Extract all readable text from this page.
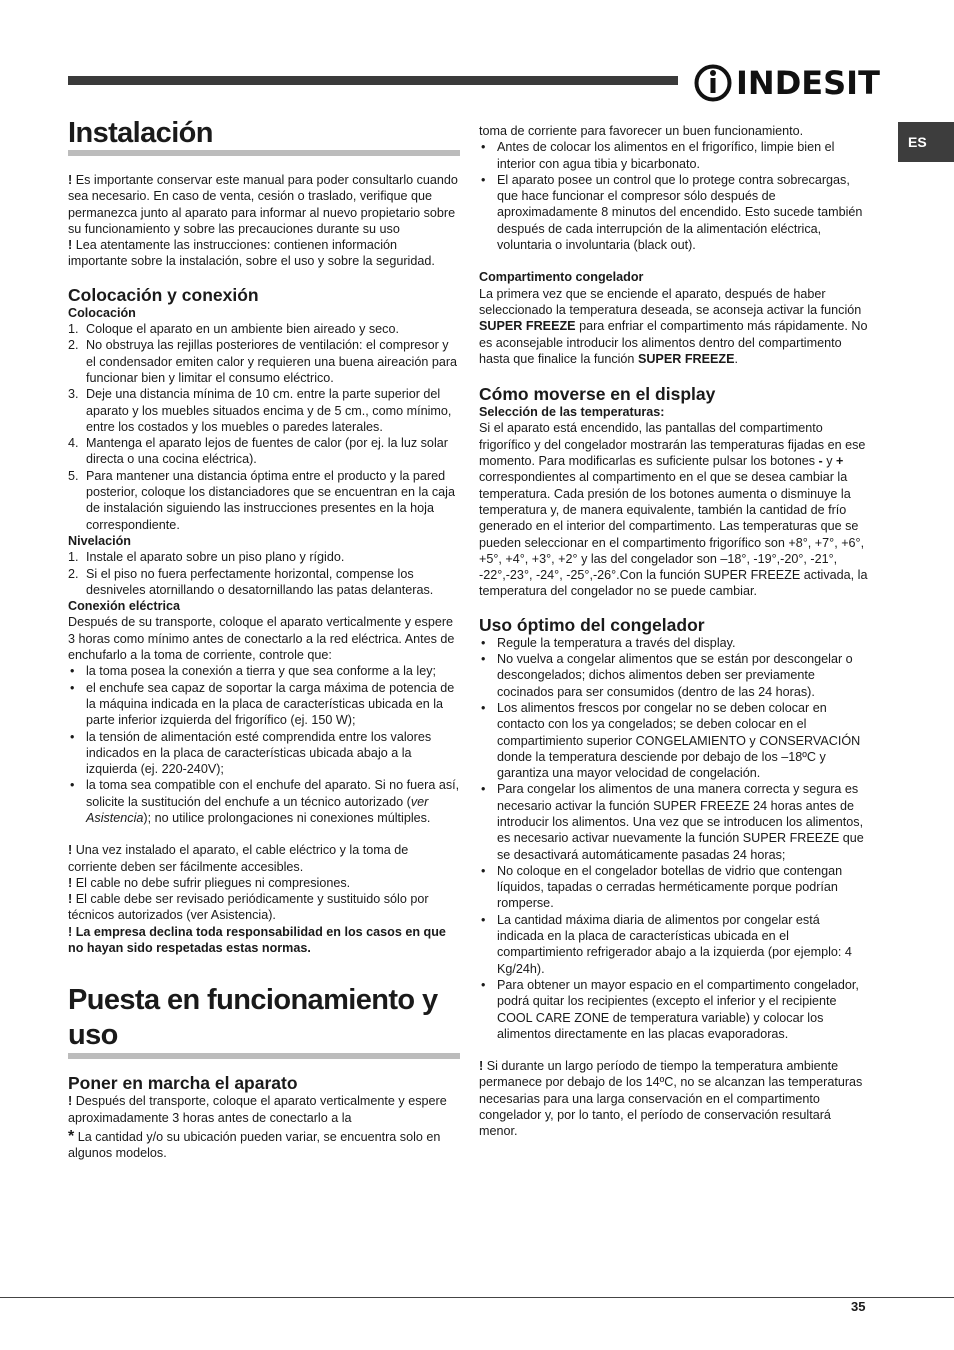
INDESIT
ES
Instalación

! Es importante conservar este manual para poder consultarlo cuando sea necesario. En caso de venta, cesión o traslado, verifique que permanezca junto al aparato para informar al nuevo propietario sobre su funcionamiento y sobre las precauciones durante su uso

! Lea atentamente las instrucciones: contienen información importante sobre la instalación, sobre el uso y sobre la seguridad.

Colocación y conexión
Colocación
1. Coloque el aparato en un ambiente bien aireado y seco.
2. No obstruya las rejillas posteriores de ventilación: el compresor y el condensador emiten calor y requieren una buena aireación para funcionar bien y limitar el consumo eléctrico.
3. Deje una distancia mínima de 10 cm. entre la parte superior del aparato y los muebles situados encima y de 5 cm., como mínimo, entre los costados y los muebles o paredes laterales.
4. Mantenga el aparato lejos de fuentes de calor (por ej. la luz solar directa o una cocina eléctrica).
5. Para mantener una distancia óptima entre el producto y la pared posterior, coloque los distanciadores que se encuentran en la caja de instalación siguiendo las instrucciones presentes en la hoja correspondiente.
Nivelación
1. Instale el aparato sobre un piso plano y rígido.
2. Si el piso no fuera perfectamente horizontal, compense los desniveles atornillando o desatornillando las patas delanteras.
Conexión eléctrica

Después de su transporte, coloque el aparato verticalmente y espere 3 horas como mínimo antes de conectarlo a la red eléctrica. Antes de enchufarlo a la toma de corriente, controle que:

• la toma posea la conexión a tierra y que sea conforme a la ley;
• el enchufe sea capaz de soportar la carga máxima de potencia de la máquina indicada en la placa de características ubicada en la parte inferior izquierda del frigorífico (ej. 150 W);
• la tensión de alimentación esté comprendida entre los valores indicados en la placa de características ubicada abajo a la izquierda (ej. 220-240V);
• la toma sea compatible con el enchufe del aparato. Si no fuera así, solicite la sustitución del enchufe a un técnico autorizado (ver Asistencia); no utilice prolongaciones ni conexiones múltiples.

! Una vez instalado el aparato, el cable eléctrico y la toma de corriente deben ser fácilmente accesibles.

! El cable no debe sufrir pliegues ni compresiones.

! El cable debe ser revisado periódicamente y sustituido sólo por técnicos autorizados (ver Asistencia).

! La empresa declina toda responsabilidad en los casos en que no hayan sido respetadas estas normas.

Puesta en funcionamiento y uso
Poner en marcha el aparato

! Después del transporte, coloque el aparato verticalmente y espere aproximadamente 3 horas antes de conectarlo a la

* La cantidad y/o su ubicación pueden variar, se encuentra solo en algunos modelos.

toma de corriente para favorecer un buen funcionamiento.

• Antes de colocar los alimentos en el frigorífico, limpie bien el interior con agua tibia y bicarbonato.
• El aparato posee un control que lo protege contra sobrecargas, que hace funcionar el compresor sólo después de aproximadamente 8 minutos del encendido. Esto sucede también después de cada interrupción de la alimentación eléctrica, voluntaria o involuntaria (black out).
Compartimento congelador

La primera vez que se enciende el aparato, después de haber seleccionado la temperatura deseada, se aconseja activar la función SUPER FREEZE para enfriar el compartimento más rápidamente. No es aconsejable introducir los alimentos dentro del compartimento hasta que finalice la función SUPER FREEZE.

Cómo moverse en el display
Selección de las temperaturas:

Si el aparato está encendido, las pantallas del compartimento frigorífico y del congelador mostrarán las temperaturas fijadas en ese momento. Para modificarlas es suficiente pulsar los botones - y + correspondientes al compartimento en el que se desea cambiar la temperatura. Cada presión de los botones aumenta o disminuye la temperatura y, de manera equivalente, también la cantidad de frío generado en el interior del compartimento. Las temperaturas que se pueden seleccionar en el compartimento frigorífico son +8°, +7°, +6°, +5°, +4°, +3°, +2° y las del congelador son –18°, -19°,-20°, -21°, -22°,-23°, -24°, -25°,-26°.Con la función SUPER FREEZE activada, la temperatura del congelador no se puede cambiar.

Uso óptimo del congelador
• Regule la temperatura a través del display.
• No vuelva a congelar alimentos que se están por descongelar o descongelados; dichos alimentos deben ser previamente cocinados para ser consumidos (dentro de las 24 horas).
• Los alimentos frescos por congelar no se deben colocar en contacto con los ya congelados; se deben colocar en el compartimiento superior CONGELAMIENTO y CONSERVACIÓN donde la temperatura desciende por debajo de los –18ºC y garantiza una mayor velocidad de congelación.
• Para congelar los alimentos de una manera correcta y segura es necesario activar la función SUPER FREEZE 24 horas antes de introducir los alimentos. Una vez que se introducen los alimentos, es necesario activar nuevamente la función SUPER FREEZE que se desactivará automáticamente pasadas 24 horas;
• No coloque en el congelador botellas de vidrio que contengan líquidos, tapadas o cerradas herméticamente porque podrían romperse.
• La cantidad máxima diaria de alimentos por congelar está indicada en la placa de características ubicada en el compartimiento refrigerador abajo a la izquierda (por ejemplo: 4 Kg/24h).
• Para obtener un mayor espacio en el compartimento congelador, podrá quitar los recipientes (excepto el inferior y el recipiente COOL CARE ZONE de temperatura variable) y colocar los alimentos directamente en las placas evaporadoras.

! Si durante un largo período de tiempo la temperatura ambiente permanece por debajo de los 14ºC, no se alcanzan las temperaturas necesarias para una larga conservación en el compartimento congelador y, por lo tanto, el período de conservación resultará menor.

35
